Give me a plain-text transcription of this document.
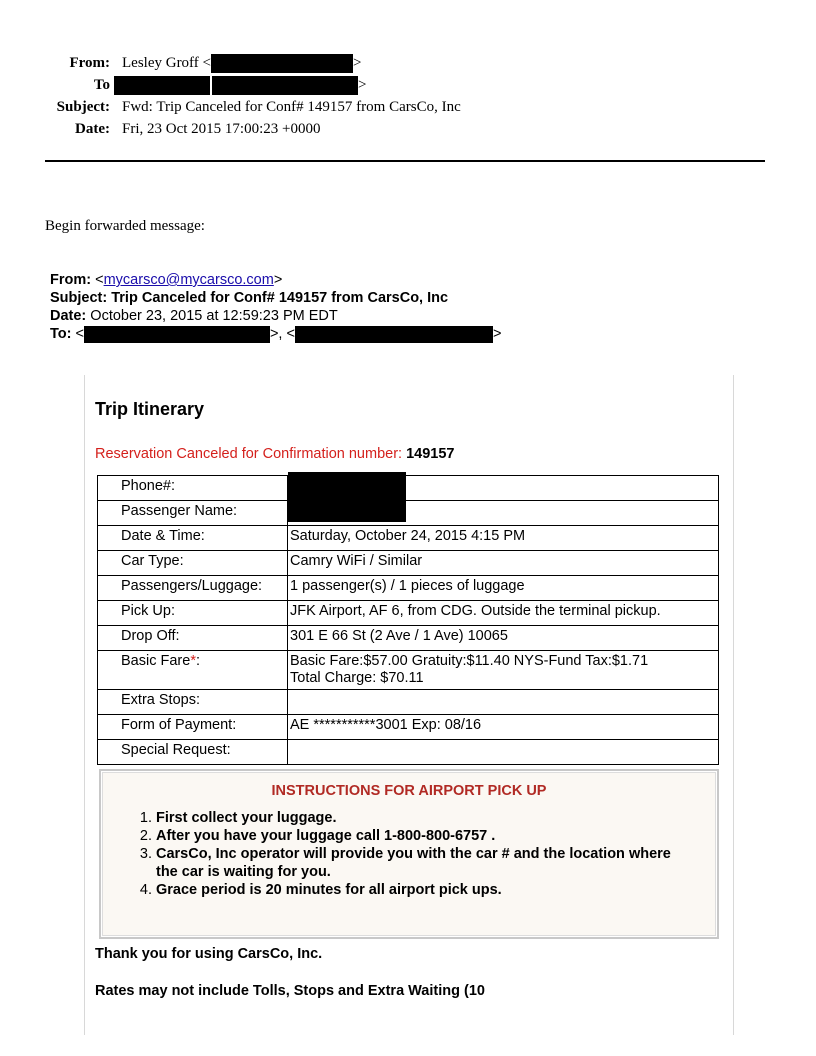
From: Lesley Groff <	>
To	>
Subject: Fwd: Trip Canceled for Conf# 149157 from CarsCo, Inc
Date: Fri, 23 Oct 2015 17:00:23 +0000
Begin forwarded message:
From: <mycarsco@mycarsco.com>
Subject: Trip Canceled for Conf# 149157 from CarsCo, Inc
Date: October 23, 2015 at 12:59:23 PM EDT
To: <	>, <	>
Trip Itinerary
Reservation Canceled for Confirmation number: 149157
Phone#:	

Passenger Name:	
Date & Time:	Saturday, October 24, 2015 4:15 PM
Car Type:	Camry WiFi / Similar
Passengers/Luggage:	1 passenger(s) / 1 pieces of luggage
Pick Up:	JFK Airport, AF 6, from CDG. Outside the terminal pickup.
Drop Off:	301 E 66 St (2 Ave / 1 Ave) 10065
Basic Fare*:	Basic Fare:$57.00 Gratuity:$11.40 NYS-Fund Tax:$1.71
Total Charge: $70.11

Extra Stops:	
Form of Payment:	AE ***********3001 Exp: 08/16
Special Request:	
INSTRUCTIONS FOR AIRPORT PICK UP
1. First collect your luggage.
2. After you have your luggage call 1-800-800-6757 .
3. CarsCo, Inc operator will provide you with the car # and the location where the car is waiting for you.
4. Grace period is 20 minutes for all airport pick ups.
Thank you for using CarsCo, Inc.
Rates may not include Tolls, Stops and Extra Waiting (10
